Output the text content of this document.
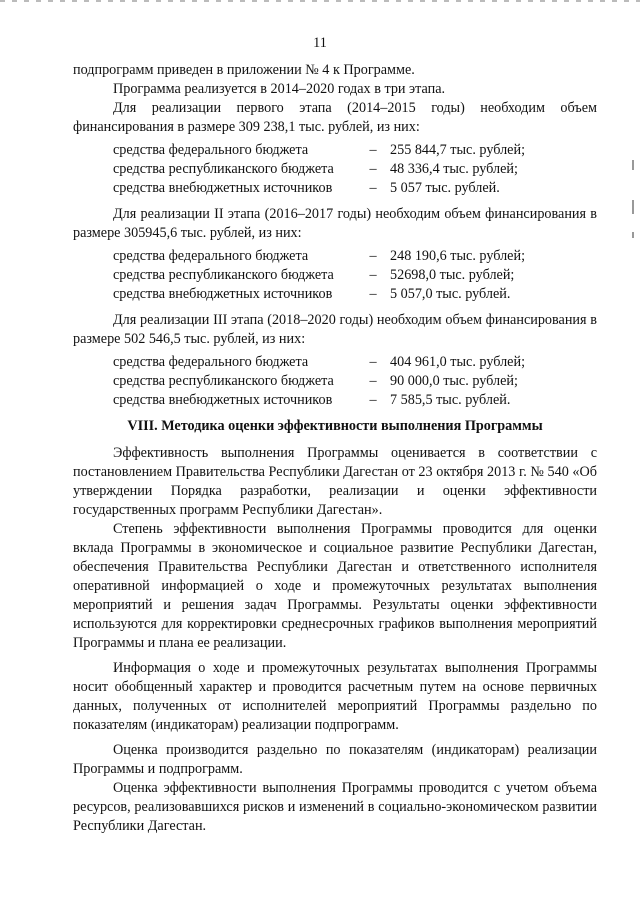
11

подпрограмм приведен в приложении № 4 к Программе.

Программа реализуется в 2014–2020 годах в три этапа.

Для реализации первого этапа (2014–2015 годы) необходим объем финансирования в размере 309 238,1 тыс. рублей, из них:

средства федерального бюджета	– 255 844,7 тыс. рублей;
средства республиканского бюджета	– 48 336,4 тыс. рублей;
средства внебюджетных источников	– 5 057 тыс. рублей.

Для реализации II этапа (2016–2017 годы) необходим объем финансирования в размере 305945,6 тыс. рублей, из них:

средства федерального бюджета	– 248 190,6 тыс. рублей;
средства республиканского бюджета	– 52698,0 тыс. рублей;
средства внебюджетных источников	– 5 057,0 тыс. рублей.

Для реализации III этапа (2018–2020 годы) необходим объем финансирования в размере 502 546,5 тыс. рублей, из них:

средства федерального бюджета	– 404 961,0 тыс. рублей;
средства республиканского бюджета	– 90 000,0 тыс. рублей;
средства внебюджетных источников	– 7 585,5 тыс. рублей.

VIII. Методика оценки эффективности выполнения Программы

Эффективность выполнения Программы оценивается в соответствии с постановлением Правительства Республики Дагестан от 23 октября 2013 г. № 540 «Об утверждении Порядка разработки, реализации и оценки эффективности государственных программ Республики Дагестан».

Степень эффективности выполнения Программы проводится для оценки вклада Программы в экономическое и социальное развитие Республики Дагестан, обеспечения Правительства Республики Дагестан и ответственного исполнителя оперативной информацией о ходе и промежуточных результатах выполнения мероприятий и решения задач Программы. Результаты оценки эффективности используются для корректировки среднесрочных графиков выполнения мероприятий Программы и плана ее реализации.

Информация о ходе и промежуточных результатах выполнения Программы носит обобщенный характер и проводится расчетным путем на основе первичных данных, полученных от исполнителей мероприятий Программы раздельно по показателям (индикаторам) реализации подпрограмм.

Оценка производится раздельно по показателям (индикаторам) реализации Программы и подпрограмм.

Оценка эффективности выполнения Программы проводится с учетом объема ресурсов, реализовавшихся рисков и изменений в социально-экономическом развитии Республики Дагестан.
